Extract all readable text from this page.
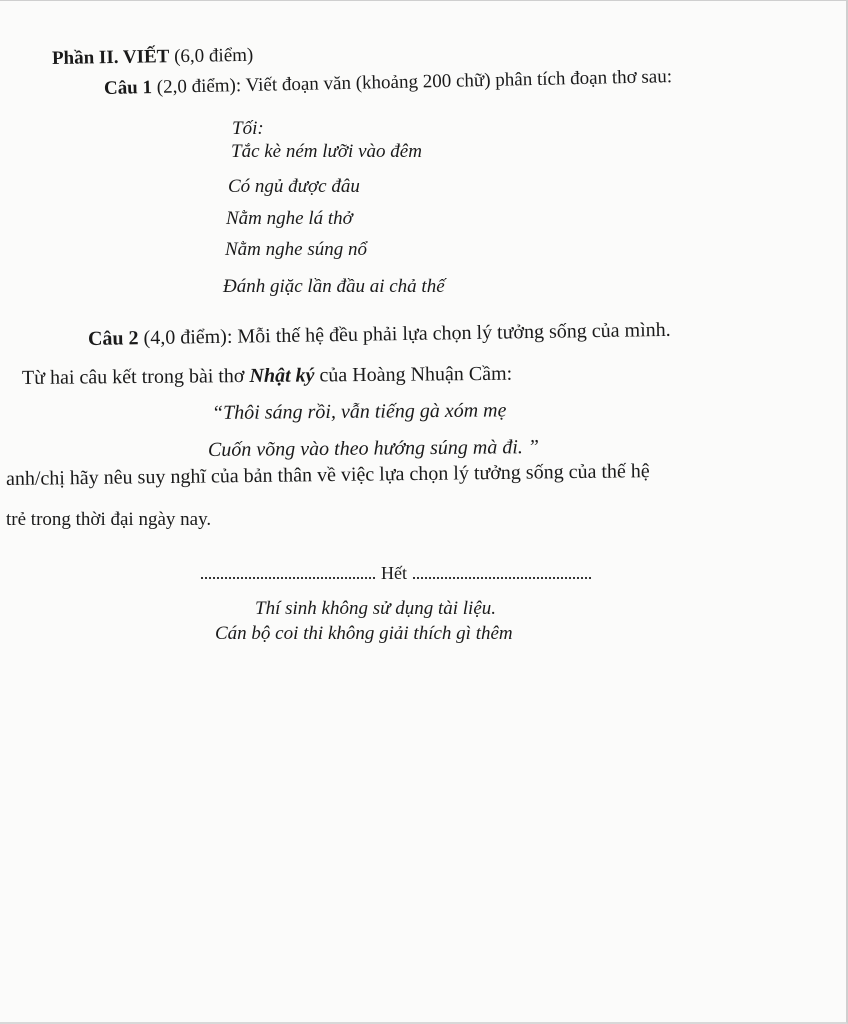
Phần II. VIẾT (6,0 điểm)
Câu 1 (2,0 điểm): Viết đoạn văn (khoảng 200 chữ) phân tích đoạn thơ sau:
Tối:
Tắc kè ném lưỡi vào đêm
Có ngủ được đâu
Nằm nghe lá thở
Nằm nghe súng nổ
Đánh giặc lần đầu ai chả thế
Câu 2 (4,0 điểm): Mỗi thế hệ đều phải lựa chọn lý tưởng sống của mình.
Từ hai câu kết trong bài thơ Nhật ký của Hoàng Nhuận Cầm:
“Thôi sáng rồi, vẫn tiếng gà xóm mẹ
Cuốn võng vào theo hướng súng mà đi. ”
anh/chị hãy nêu suy nghĩ của bản thân về việc lựa chọn lý tưởng sống của thế hệ
trẻ trong thời đại ngày nay.
Hết
Thí sinh không sử dụng tài liệu.
Cán bộ coi thi không giải thích gì thêm
